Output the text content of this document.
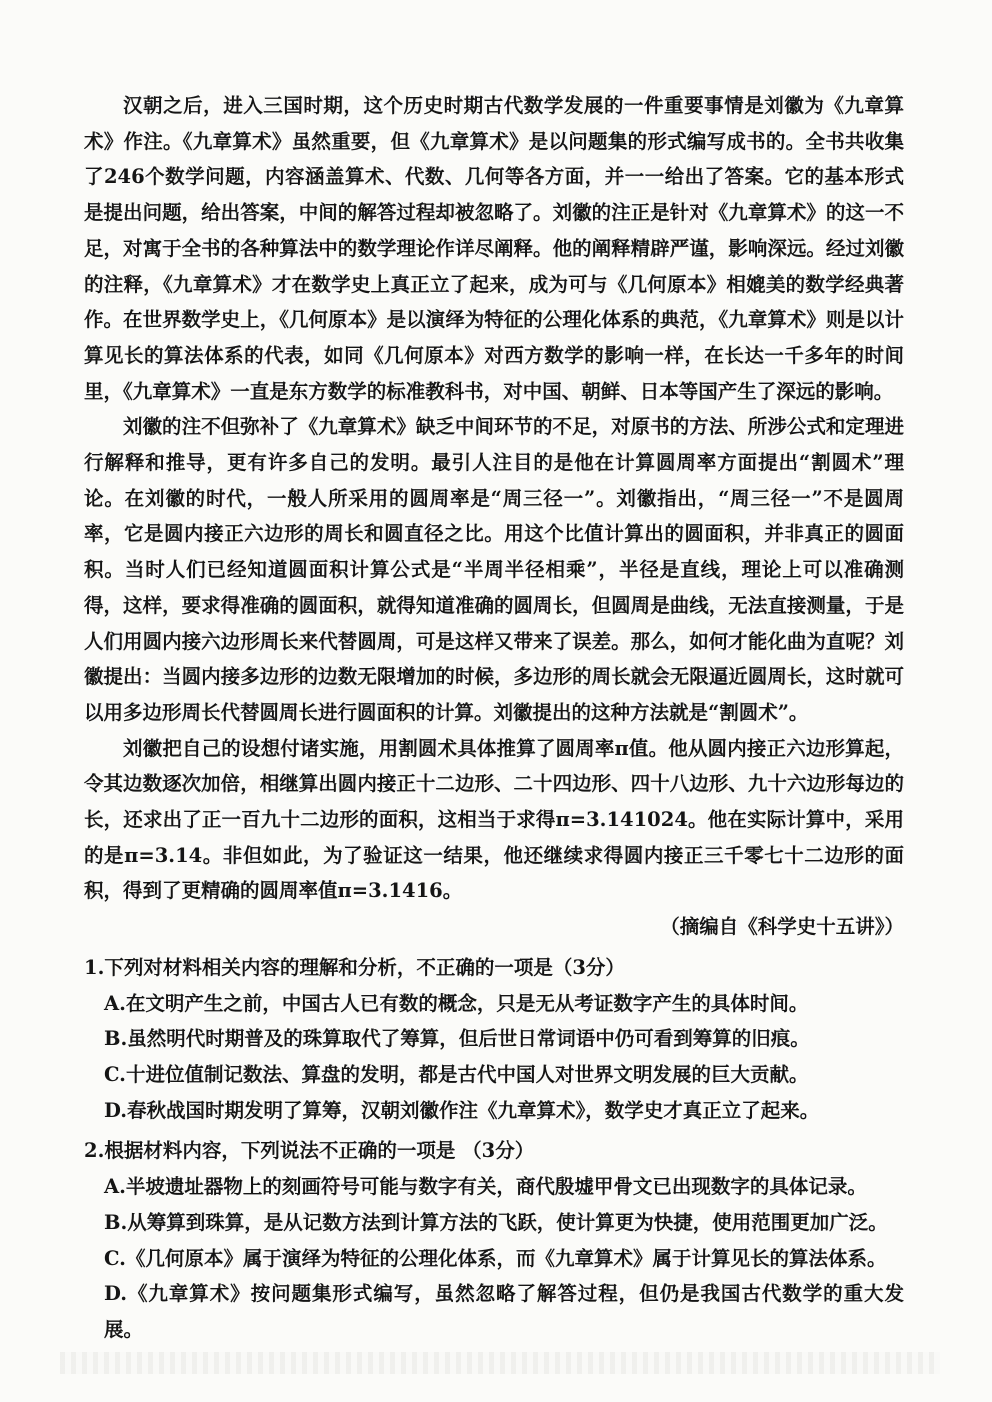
汉朝之后，进入三国时期，这个历史时期古代数学发展的一件重要事情是刘徽为《九章算术》作注。《九章算术》虽然重要，但《九章算术》是以问题集的形式编写成书的。全书共收集了246个数学问题，内容涵盖算术、代数、几何等各方面，并一一给出了答案。它的基本形式是提出问题，给出答案，中间的解答过程却被忽略了。刘徽的注正是针对《九章算术》的这一不足，对寓于全书的各种算法中的数学理论作详尽阐释。他的阐释精辟严谨，影响深远。经过刘徽的注释，《九章算术》才在数学史上真正立了起来，成为可与《几何原本》相媲美的数学经典著作。在世界数学史上，《几何原本》是以演绎为特征的公理化体系的典范，《九章算术》则是以计算见长的算法体系的代表，如同《几何原本》对西方数学的影响一样，在长达一千多年的时间里，《九章算术》一直是东方数学的标准教科书，对中国、朝鲜、日本等国产生了深远的影响。

刘徽的注不但弥补了《九章算术》缺乏中间环节的不足，对原书的方法、所涉公式和定理进行解释和推导，更有许多自己的发明。最引人注目的是他在计算圆周率方面提出“割圆术”理论。在刘徽的时代，一般人所采用的圆周率是“周三径一”。刘徽指出，“周三径一”不是圆周率，它是圆内接正六边形的周长和圆直径之比。用这个比值计算出的圆面积，并非真正的圆面积。当时人们已经知道圆面积计算公式是“半周半径相乘”，半径是直线，理论上可以准确测得，这样，要求得准确的圆面积，就得知道准确的圆周长，但圆周是曲线，无法直接测量，于是人们用圆内接六边形周长来代替圆周，可是这样又带来了误差。那么，如何才能化曲为直呢？刘徽提出：当圆内接多边形的边数无限增加的时候，多边形的周长就会无限逼近圆周长，这时就可以用多边形周长代替圆周长进行圆面积的计算。刘徽提出的这种方法就是“割圆术”。

刘徽把自己的设想付诸实施，用割圆术具体推算了圆周率π值。他从圆内接正六边形算起，令其边数逐次加倍，相继算出圆内接正十二边形、二十四边形、四十八边形、九十六边形每边的长，还求出了正一百九十二边形的面积，这相当于求得π=3.141024。他在实际计算中，采用的是π=3.14。非但如此，为了验证这一结果，他还继续求得圆内接正三千零七十二边形的面积，得到了更精确的圆周率值π=3.1416。

（摘编自《科学史十五讲》）

1.下列对材料相关内容的理解和分析，不正确的一项是（3分）

A.在文明产生之前，中国古人已有数的概念，只是无从考证数字产生的具体时间。

B.虽然明代时期普及的珠算取代了筹算，但后世日常词语中仍可看到筹算的旧痕。

C.十进位值制记数法、算盘的发明，都是古代中国人对世界文明发展的巨大贡献。

D.春秋战国时期发明了算筹，汉朝刘徽作注《九章算术》，数学史才真正立了起来。

2.根据材料内容，下列说法不正确的一项是 （3分）

A.半坡遗址器物上的刻画符号可能与数字有关，商代殷墟甲骨文已出现数字的具体记录。

B.从筹算到珠算，是从记数方法到计算方法的飞跃，使计算更为快捷，使用范围更加广泛。

C.《几何原本》属于演绎为特征的公理化体系，而《九章算术》属于计算见长的算法体系。

D.《九章算术》按问题集形式编写，虽然忽略了解答过程，但仍是我国古代数学的重大发展。
